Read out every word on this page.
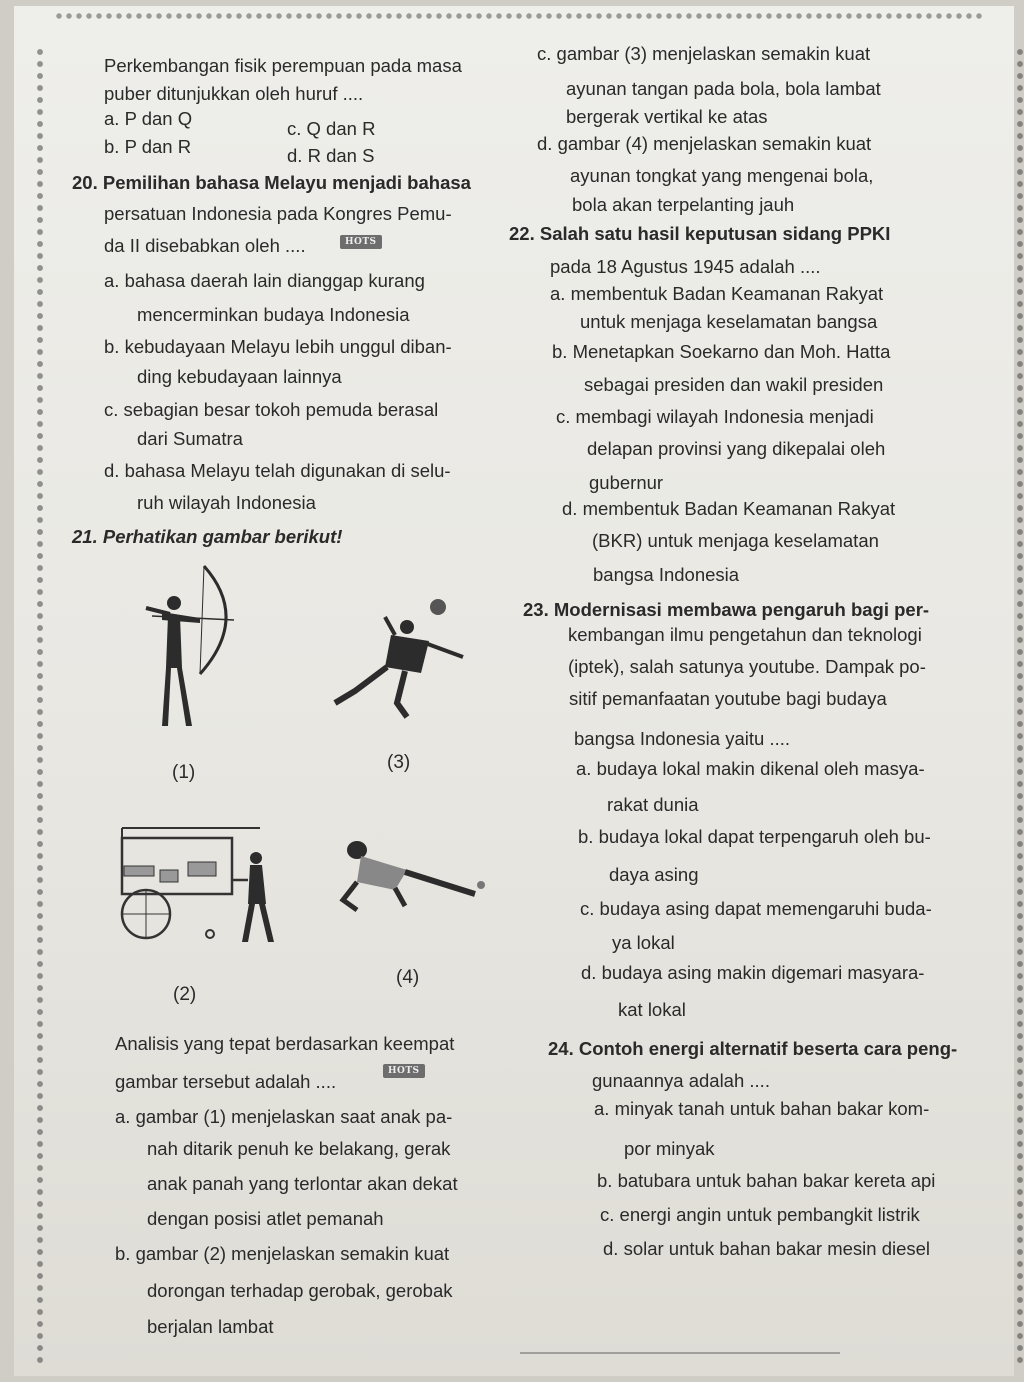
Perkembangan fisik perempuan pada masa
puber ditunjukkan oleh huruf ....
a. P dan Q	c. Q dan R
b. P dan R	d. R dan S
20. Pemilihan bahasa Melayu menjadi bahasa
persatuan Indonesia pada Kongres Pemu-
da II disebabkan oleh ....
a. bahasa daerah lain dianggap kurang
mencerminkan budaya Indonesia
b. kebudayaan Melayu lebih unggul diban-
ding kebudayaan lainnya
c. sebagian besar tokoh pemuda berasal
dari Sumatra
d. bahasa Melayu telah digunakan di selu-
ruh wilayah Indonesia
21. Perhatikan gambar berikut!
Analisis yang tepat berdasarkan keempat
gambar tersebut adalah ....
a. gambar (1) menjelaskan saat anak pa-
nah ditarik penuh ke belakang, gerak
anak panah yang terlontar akan dekat
dengan posisi atlet pemanah
b. gambar (2) menjelaskan semakin kuat
dorongan terhadap gerobak, gerobak
berjalan lambat
c. gambar (3) menjelaskan semakin kuat
ayunan tangan pada bola, bola lambat
bergerak vertikal ke atas
d. gambar (4) menjelaskan semakin kuat
ayunan tongkat yang mengenai bola,
bola akan terpelanting jauh
22. Salah satu hasil keputusan sidang PPKI
pada 18 Agustus 1945 adalah ....
a. membentuk Badan Keamanan Rakyat
untuk menjaga keselamatan bangsa
b. Menetapkan Soekarno dan Moh. Hatta
sebagai presiden dan wakil presiden
c. membagi wilayah Indonesia menjadi
delapan provinsi yang dikepalai oleh
gubernur
d. membentuk Badan Keamanan Rakyat
(BKR) untuk menjaga keselamatan
bangsa Indonesia
23. Modernisasi membawa pengaruh bagi per-
kembangan ilmu pengetahun dan teknologi
(iptek), salah satunya youtube. Dampak po-
sitif pemanfaatan youtube bagi budaya
bangsa Indonesia yaitu ....
a. budaya lokal makin dikenal oleh masya-
rakat dunia
b. budaya lokal dapat terpengaruh oleh bu-
daya asing
c. budaya asing dapat memengaruhi buda-
ya lokal
d. budaya asing makin digemari masyara-
kat lokal
24. Contoh energi alternatif beserta cara peng-
gunaannya adalah ....
a. minyak tanah untuk bahan bakar kom-
por minyak
b. batubara untuk bahan bakar kereta api
c. energi angin untuk pembangkit listrik
d. solar untuk bahan bakar mesin diesel
HOTS
HOTS
(1)	(3)
(2)
(4)
